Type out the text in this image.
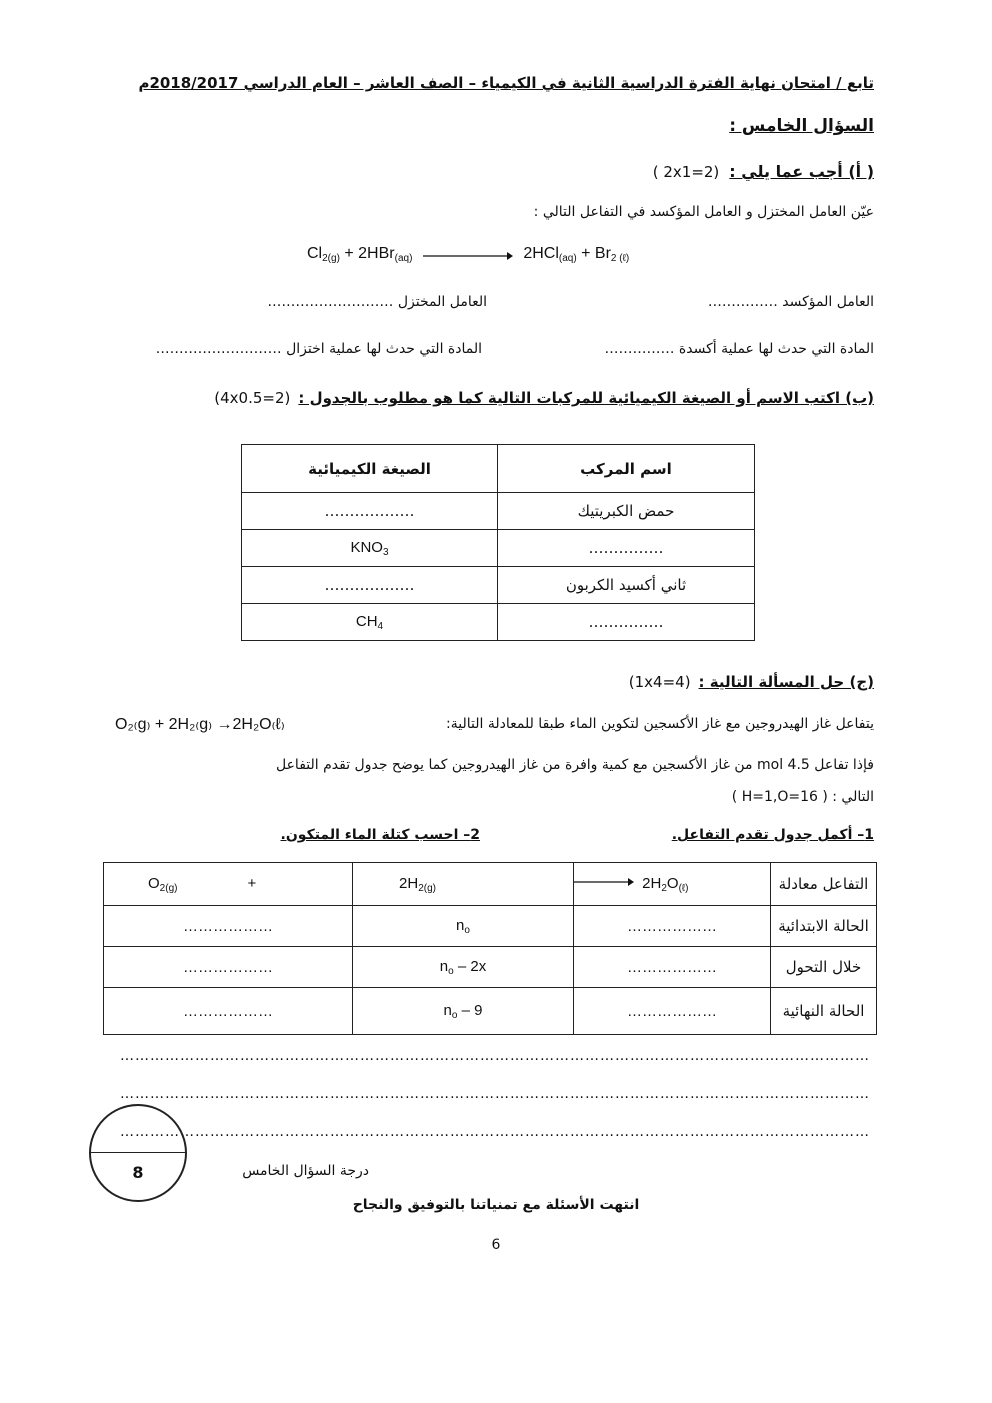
تابع / امتحان نهاية الفترة الدراسية الثانية في الكيمياء – الصف العاشر – العام الدراسي 2018/2017م
السؤال الخامس :
( أ) أجب عما يلي :
( 2x1=2)
عيّن العامل المختزل و العامل المؤكسد في التفاعل التالي :
$Cl_{2(g)} + 2HBr_{(aq)}$	$2HCl_{(aq)} + Br_{2 (\ell)}$
العامل المؤكسد ……………
العامل المختزل ………………………
المادة التي حدث لها عملية أكسدة ……………
المادة التي حدث لها عملية اختزال ………………………
(ب) اكتب الاسم أو الصيغة الكيميائية للمركبات التالية كما هو مطلوب بالجدول :
(4x0.5=2)
اسم المركب	الصيغة الكيميائية
حمض الكبريتيك	………………
……………	$KNO_3$
ثاني أكسيد الكربون	………………
……………	$CH_4$
(ج) حل المسألة التالية :
(1x4=4)
يتفاعل غاز الهيدروجين مع غاز الأكسجين لتكوين الماء طبقا للمعادلة التالية:
O₂₍g₎ + 2H₂₍g₎ →2H₂O₍ℓ₎
فإذا تفاعل 4.5 mol من غاز الأكسجين مع كمية وافرة من غاز الهيدروجين كما يوضح جدول تقدم التفاعل
التالي : ( H=1,O=16 )
1– أكمل جدول تقدم التفاعل.
2– احسب كتلة الماء المتكون.
$O_{2(g)}$ +	$2H_{2(g)}$	$2H_2O_{(\ell)}$	التفاعل معادلة
………………	$n_o$	………………	الحالة الابتدائية
………………	$n_o - 2x$	………………	خلال التحول
………………	$n_o - 9$	………………	الحالة النهائية
……………………………………………………………………………………………………………………………………
……………………………………………………………………………………………………………………………………
……………………………………………………………………………………………………………………………………
8	درجة السؤال الخامس
انتهت الأسئلة مع تمنياتنا بالتوفيق والنجاح
6
